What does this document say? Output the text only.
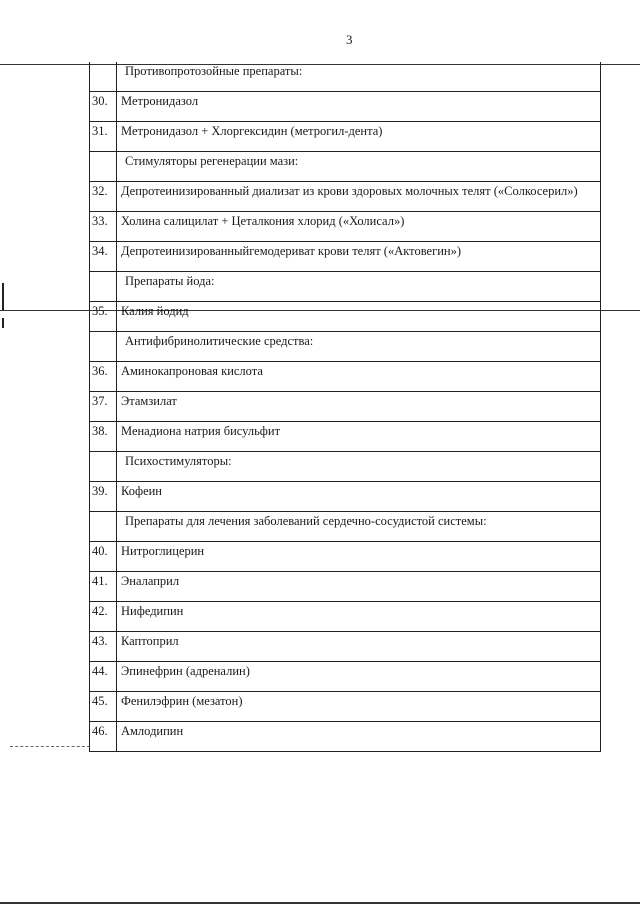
3
	Противопротозойные препараты:
30.	Метронидазол
31.	Метронидазол + Хлоргексидин (метрогил-дента)
	Стимуляторы регенерации мази:
32.	Депротеинизированный диализат из крови здоровых молочных телят («Солкосерил»)
33.	Холина салицилат + Цеталкония хлорид («Холисал»)
34.	Депротеинизированныйгемодериват крови телят («Актовегин»)
	Препараты йода:
35.	Калия йодид
	Антифибринолитические средства:
36.	Аминокапроновая кислота
37.	Этамзилат
38.	Менадиона натрия бисульфит
	Психостимуляторы:
39.	Кофеин
	Препараты для лечения заболеваний сердечно-сосудистой системы:
40.	Нитроглицерин
41.	Эналаприл
42.	Нифедипин
43.	Каптоприл
44.	Эпинефрин (адреналин)
45.	Фенилэфрин (мезатон)
46.	Амлодипин
